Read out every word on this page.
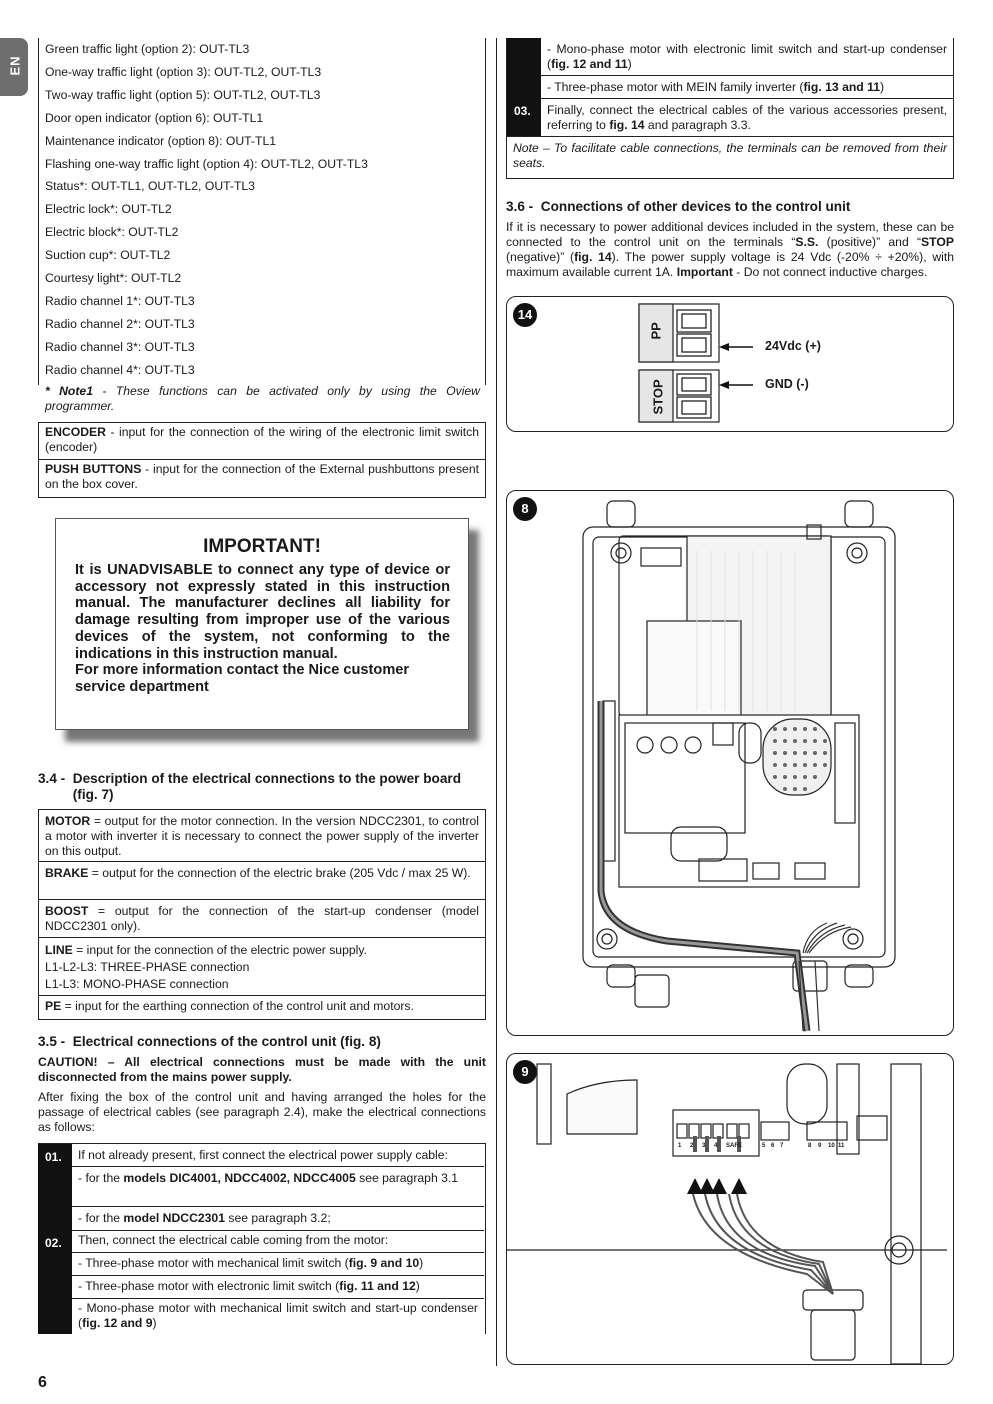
EN
Green traffic light (option 2): OUT-TL3
One-way traffic light (option 3): OUT-TL2, OUT-TL3
Two-way traffic light (option 5): OUT-TL2, OUT-TL3
Door open indicator (option 6): OUT-TL1
Maintenance indicator (option 8): OUT-TL1
Flashing one-way traffic light (option 4): OUT-TL2, OUT-TL3
Status*: OUT-TL1, OUT-TL2, OUT-TL3
Electric lock*: OUT-TL2
Electric block*: OUT-TL2
Suction cup*: OUT-TL2
Courtesy light*: OUT-TL2
Radio channel 1*: OUT-TL3
Radio channel 2*: OUT-TL3
Radio channel 3*: OUT-TL3
Radio channel 4*: OUT-TL3
* Note1 - These functions can be activated only by using the Oview programmer.
ENCODER - input for the connection of the wiring of the electronic limit switch (encoder)
PUSH BUTTONS - input for the connection of the External pushbuttons present on the box cover.
IMPORTANT!
It is UNADVISABLE to connect any type of device or accessory not expressly stated in this instruction manual. The manufacturer declines all liability for damage resulting from improper use of the various devices of the system, not conforming to the indications in this instruction manual.
For more information contact the Nice customer service department
3.4 - Description of the electrical connections to the power board (fig. 7)
MOTOR = output for the motor connection. In the version NDCC2301, to control a motor with inverter it is necessary to connect the power supply of the inverter on this output.
BRAKE = output for the connection of the electric brake (205 Vdc / max 25 W).
BOOST = output for the connection of the start-up condenser (model NDCC2301 only).
LINE = input for the connection of the electric power supply.
L1-L2-L3: THREE-PHASE connection
L1-L3: MONO-PHASE connection
PE = input for the earthing connection of the control unit and motors.
3.5 - Electrical connections of the control unit (fig. 8)
CAUTION! – All electrical connections must be made with the unit disconnected from the mains power supply.
After fixing the box of the control unit and having arranged the holes for the passage of electrical cables (see paragraph 2.4), make the electrical connections as follows:
01.	If not already present, first connect the electrical power supply cable:
- for the models DIC4001, NDCC4002, NDCC4005 see paragraph 3.1
- for the model NDCC2301 see paragraph 3.2;
02.	Then, connect the electrical cable coming from the motor:
- Three-phase motor with mechanical limit switch (fig. 9 and 10)
- Three-phase motor with electronic limit switch (fig. 11 and 12)
- Mono-phase motor with mechanical limit switch and start-up condenser (fig. 12 and 9)
- Mono-phase motor with electronic limit switch and start-up condenser (fig. 12 and 11)
- Three-phase motor with MEIN family inverter (fig. 13 and 11)
03.	Finally, connect the electrical cables of the various accessories present, referring to fig. 14 and paragraph 3.3.
Note – To facilitate cable connections, the terminals can be removed from their seats.
3.6 - Connections of other devices to the control unit
If it is necessary to power additional devices included in the system, these can be connected to the control unit on the terminals “S.S. (positive)” and “STOP (negative)” (fig. 14). The power supply voltage is 24 Vdc (-20% ÷ +20%), with maximum available current 1A. Important - Do not connect inductive charges.
14
PP
STOP
24Vdc (+)
GND (-)
8
9
1 2 3 4 SAFE	5 6 7	8 9 10 11
6
